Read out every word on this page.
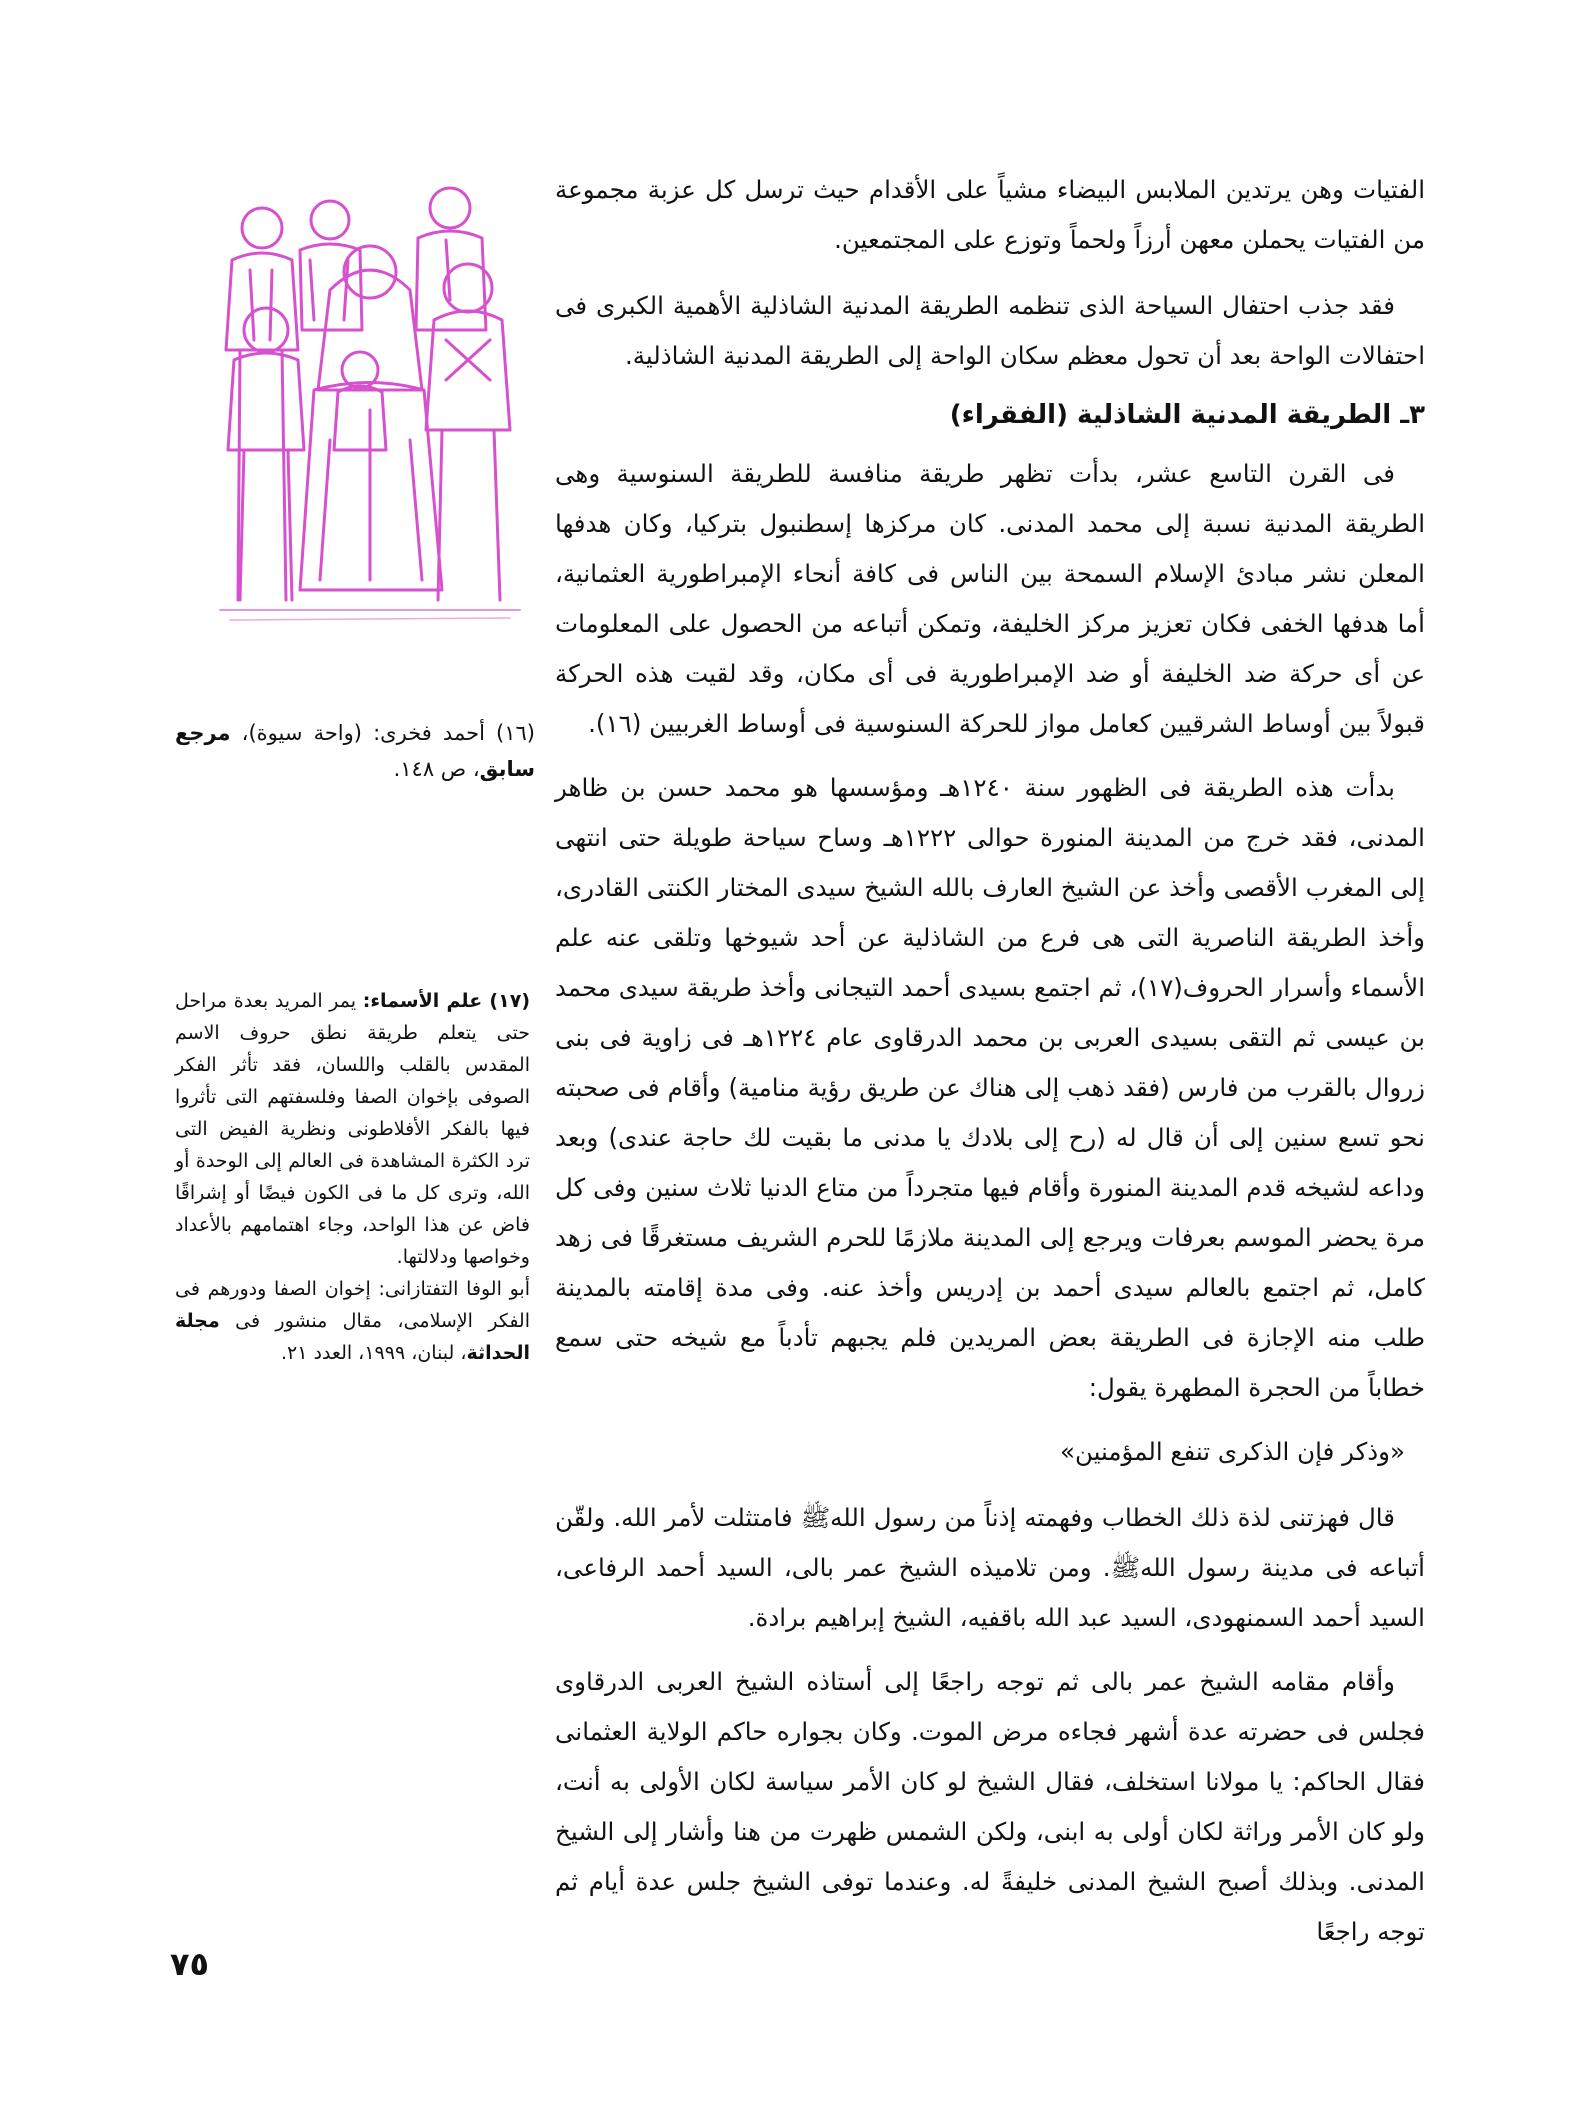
(١٦) أحمد فخرى: (واحة سيوة)، مرجع سابق، ص ١٤٨.

(١٧) علم الأسماء: يمر المريد بعدة مراحل حتى يتعلم طريقة نطق حروف الاسم المقدس بالقلب واللسان، فقد تأثر الفكر الصوفى بإخوان الصفا وفلسفتهم التى تأثروا فيها بالفكر الأفلاطونى ونظرية الفيض التى ترد الكثرة المشاهدة فى العالم إلى الوحدة أو الله، وترى كل ما فى الكون فيضًا أو إشراقًا فاض عن هذا الواحد، وجاء اهتمامهم بالأعداد وخواصها ودلالتها.

أبو الوفا التفتازانى: إخوان الصفا ودورهم فى الفكر الإسلامى، مقال منشور فى مجلة الحداثة، لبنان، ١٩٩٩، العدد ٢١.

الفتيات وهن يرتدين الملابس البيضاء مشياً على الأقدام حيث ترسل كل عزبة مجموعة من الفتيات يحملن معهن أرزاً ولحماً وتوزع على المجتمعين.

فقد جذب احتفال السياحة الذى تنظمه الطريقة المدنية الشاذلية الأهمية الكبرى فى احتفالات الواحة بعد أن تحول معظم سكان الواحة إلى الطريقة المدنية الشاذلية.

٣ـ الطريقة المدنية الشاذلية (الفقراء)

فى القرن التاسع عشر، بدأت تظهر طريقة منافسة للطريقة السنوسية وهى الطريقة المدنية نسبة إلى محمد المدنى. كان مركزها إسطنبول بتركيا، وكان هدفها المعلن نشر مبادئ الإسلام السمحة بين الناس فى كافة أنحاء الإمبراطورية العثمانية، أما هدفها الخفى فكان تعزيز مركز الخليفة، وتمكن أتباعه من الحصول على المعلومات عن أى حركة ضد الخليفة أو ضد الإمبراطورية فى أى مكان، وقد لقيت هذه الحركة قبولاً بين أوساط الشرقيين كعامل مواز للحركة السنوسية فى أوساط الغربيين (١٦).

بدأت هذه الطريقة فى الظهور سنة ١٢٤٠هـ ومؤسسها هو محمد حسن بن ظاهر المدنى، فقد خرج من المدينة المنورة حوالى ١٢٢٢هـ وساح سياحة طويلة حتى انتهى إلى المغرب الأقصى وأخذ عن الشيخ العارف بالله الشيخ سيدى المختار الكنتى القادرى، وأخذ الطريقة الناصرية التى هى فرع من الشاذلية عن أحد شيوخها وتلقى عنه علم الأسماء وأسرار الحروف(١٧)، ثم اجتمع بسيدى أحمد التيجانى وأخذ طريقة سيدى محمد بن عيسى ثم التقى بسيدى العربى بن محمد الدرقاوى عام ١٢٢٤هـ فى زاوية فى بنى زروال بالقرب من فارس (فقد ذهب إلى هناك عن طريق رؤية منامية) وأقام فى صحبته نحو تسع سنين إلى أن قال له (رح إلى بلادك يا مدنى ما بقيت لك حاجة عندى) وبعد وداعه لشيخه قدم المدينة المنورة وأقام فيها متجرداً من متاع الدنيا ثلاث سنين وفى كل مرة يحضر الموسم بعرفات ويرجع إلى المدينة ملازمًا للحرم الشريف مستغرقًا فى زهد كامل، ثم اجتمع بالعالم سيدى أحمد بن إدريس وأخذ عنه. وفى مدة إقامته بالمدينة طلب منه الإجازة فى الطريقة بعض المريدين فلم يجبهم تأدباً مع شيخه حتى سمع خطاباً من الحجرة المطهرة يقول:

«وذكر فإن الذكرى تنفع المؤمنين»

قال فهزتنى لذة ذلك الخطاب وفهمته إذناً من رسول اللهﷺ فامتثلت لأمر الله. ولقّن أتباعه فى مدينة رسول اللهﷺ. ومن تلاميذه الشيخ عمر بالى، السيد أحمد الرفاعى، السيد أحمد السمنهودى، السيد عبد الله باقفيه، الشيخ إبراهيم برادة.

وأقام مقامه الشيخ عمر بالى ثم توجه راجعًا إلى أستاذه الشيخ العربى الدرقاوى فجلس فى حضرته عدة أشهر فجاءه مرض الموت. وكان بجواره حاكم الولاية العثمانى فقال الحاكم: يا مولانا استخلف، فقال الشيخ لو كان الأمر سياسة لكان الأولى به أنت، ولو كان الأمر وراثة لكان أولى به ابنى، ولكن الشمس ظهرت من هنا وأشار إلى الشيخ المدنى. وبذلك أصبح الشيخ المدنى خليفةً له. وعندما توفى الشيخ جلس عدة أيام ثم توجه راجعًا

٧٥
